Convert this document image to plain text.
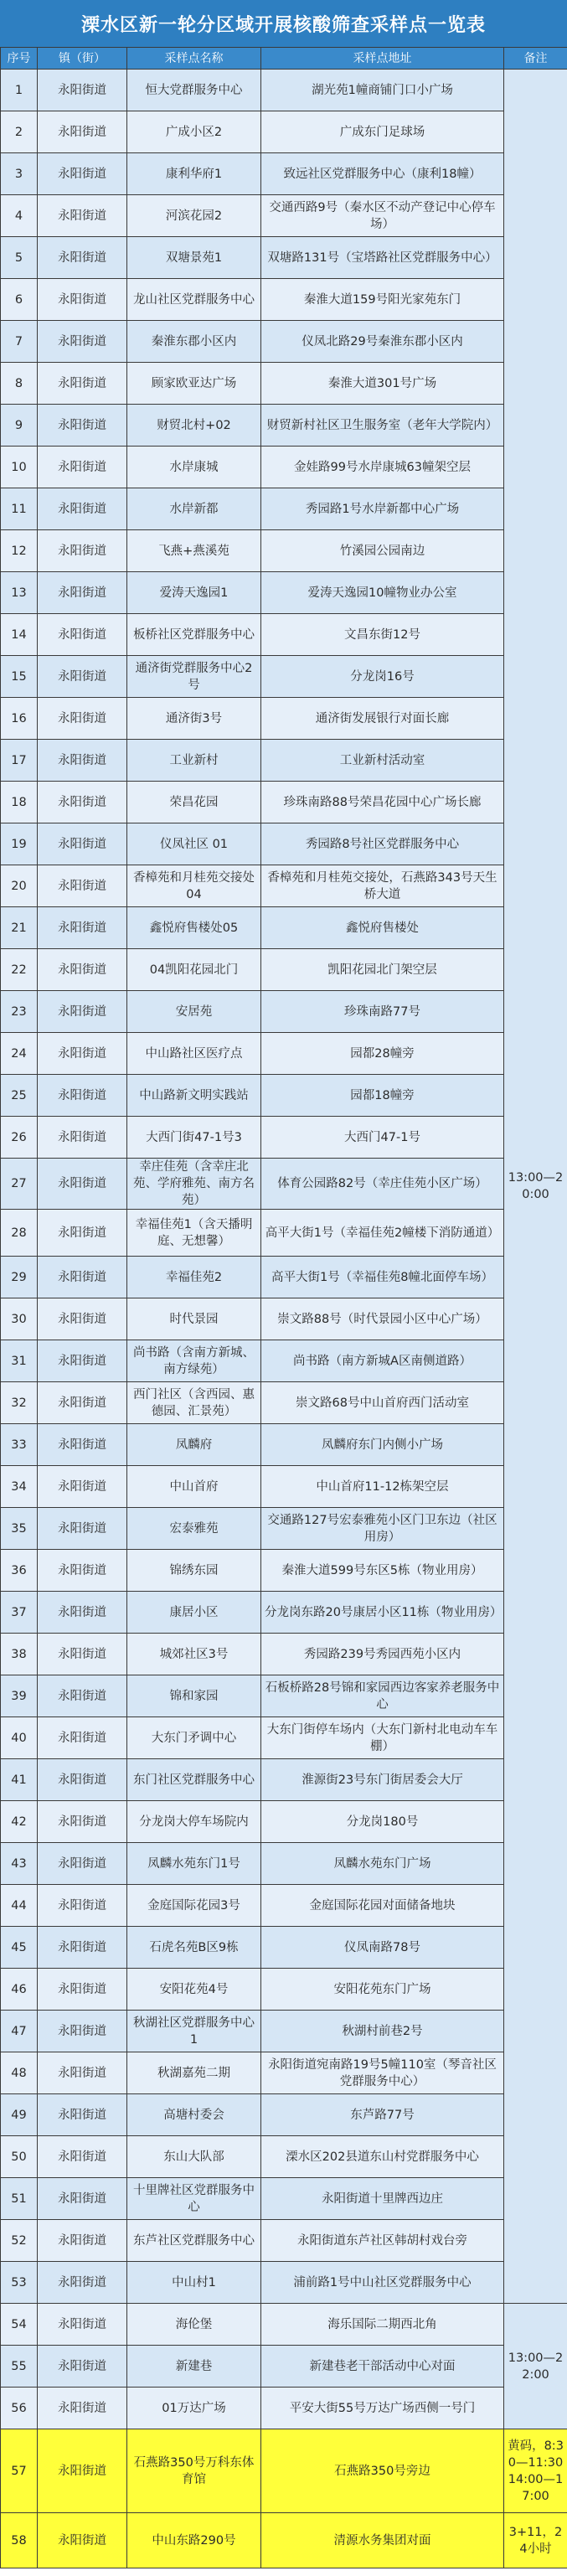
溧水区新一轮分区域开展核酸筛查采样点一览表
序号	镇（街）	采样点名称	采样点地址	备注
1	永阳街道	恒大党群服务中心	湖光苑1幢商铺门口小广场	13:00—20:00
2	永阳街道	广成小区2	广成东门足球场	
3	永阳街道	康利华府1	致远社区党群服务中心（康利18幢）	
4	永阳街道	河滨花园2	交通西路9号（秦水区不动产登记中心停车场）	
5	永阳街道	双塘景苑1	双塘路131号（宝塔路社区党群服务中心）	
6	永阳街道	龙山社区党群服务中心	秦淮大道159号阳光家苑东门	
7	永阳街道	秦淮东郡小区内	仪凤北路29号秦淮东郡小区内	
8	永阳街道	顾家欧亚达广场	秦淮大道301号广场	
9	永阳街道	财贸北村+02	财贸新村社区卫生服务室（老年大学院内）	
10	永阳街道	水岸康城	金娃路99号水岸康城63幢架空层	
11	永阳街道	水岸新都	秀园路1号水岸新都中心广场	
12	永阳街道	飞燕+燕溪苑	竹溪园公园南边	
13	永阳街道	爱涛天逸园1	爱涛天逸园10幢物业办公室	
14	永阳街道	板桥社区党群服务中心	文昌东街12号	
15	永阳街道	通济街党群服务中心2号	分龙岗16号	
16	永阳街道	通济街3号	通济街发展银行对面长廊	
17	永阳街道	工业新村	工业新村活动室	
18	永阳街道	荣昌花园	珍珠南路88号荣昌花园中心广场长廊	
19	永阳街道	仪凤社区 01	秀园路8号社区党群服务中心	
20	永阳街道	香樟苑和月桂苑交接处04	香樟苑和月桂苑交接处，石燕路343号天生桥大道	
21	永阳街道	鑫悦府售楼处05	鑫悦府售楼处	
22	永阳街道	04凯阳花园北门	凯阳花园北门架空层	
23	永阳街道	安居苑	珍珠南路77号	
24	永阳街道	中山路社区医疗点	园都28幢旁	
25	永阳街道	中山路新文明实践站	园都18幢旁	
26	永阳街道	大西门街47-1号3	大西门47-1号	
27	永阳街道	幸庄佳苑（含幸庄北苑、学府雅苑、南方名苑）	体育公园路82号（幸庄佳苑小区广场）	
28	永阳街道	幸福佳苑1（含天播明庭、无想馨）	高平大街1号（幸福佳苑2幢楼下消防通道）	
29	永阳街道	幸福佳苑2	高平大街1号（幸福佳苑8幢北面停车场）	
30	永阳街道	时代景园	崇文路88号（时代景园小区中心广场）	
31	永阳街道	尚书路（含南方新城、南方绿苑）	尚书路（南方新城A区南侧道路）	
32	永阳街道	西门社区（含西园、惠德园、汇景苑）	崇文路68号中山首府西门活动室	
33	永阳街道	凤麟府	凤麟府东门内侧小广场	
34	永阳街道	中山首府	中山首府11-12栋架空层	
35	永阳街道	宏泰雅苑	交通路127号宏泰雅苑小区门卫东边（社区用房）	
36	永阳街道	锦绣东园	秦淮大道599号东区5栋（物业用房）	
37	永阳街道	康居小区	分龙岗东路20号康居小区11栋（物业用房）	
38	永阳街道	城郊社区3号	秀园路239号秀园西苑小区内	
39	永阳街道	锦和家园	石板桥路28号锦和家园西边客家养老服务中心	
40	永阳街道	大东门矛调中心	大东门街停车场内（大东门新村北电动车车棚）	
41	永阳街道	东门社区党群服务中心	淮源街23号东门街居委会大厅	
42	永阳街道	分龙岗大停车场院内	分龙岗180号	
43	永阳街道	凤麟水苑东门1号	凤麟水苑东门广场	
44	永阳街道	金庭国际花园3号	金庭国际花园对面储备地块	
45	永阳街道	石虎名苑B区9栋	仪凤南路78号	
46	永阳街道	安阳花苑4号	安阳花苑东门广场	
47	永阳街道	秋湖社区党群服务中心1	秋湖村前巷2号	
48	永阳街道	秋湖嘉苑二期	永阳街道宛南路19号5幢110室（琴音社区党群服务中心）	
49	永阳街道	高塘村委会	东芦路77号	
50	永阳街道	东山大队部	溧水区202县道东山村党群服务中心	
51	永阳街道	十里牌社区党群服务中心	永阳街道十里牌西边庄	
52	永阳街道	东芦社区党群服务中心	永阳街道东芦社区韩胡村戏台旁	
53	永阳街道	中山村1	浦前路1号中山社区党群服务中心	
54	永阳街道	海伦堡	海乐国际二期西北角	13:00—22:00
55	永阳街道	新建巷	新建巷老干部活动中心对面	
56	永阳街道	01万达广场	平安大街55号万达广场西侧一号门	
57	永阳街道	石燕路350号万科东体育馆	石燕路350号旁边	黄码，8:30—11:30 14:00—17:00
58	永阳街道	中山东路290号	清源水务集团对面	3+11，24小时
